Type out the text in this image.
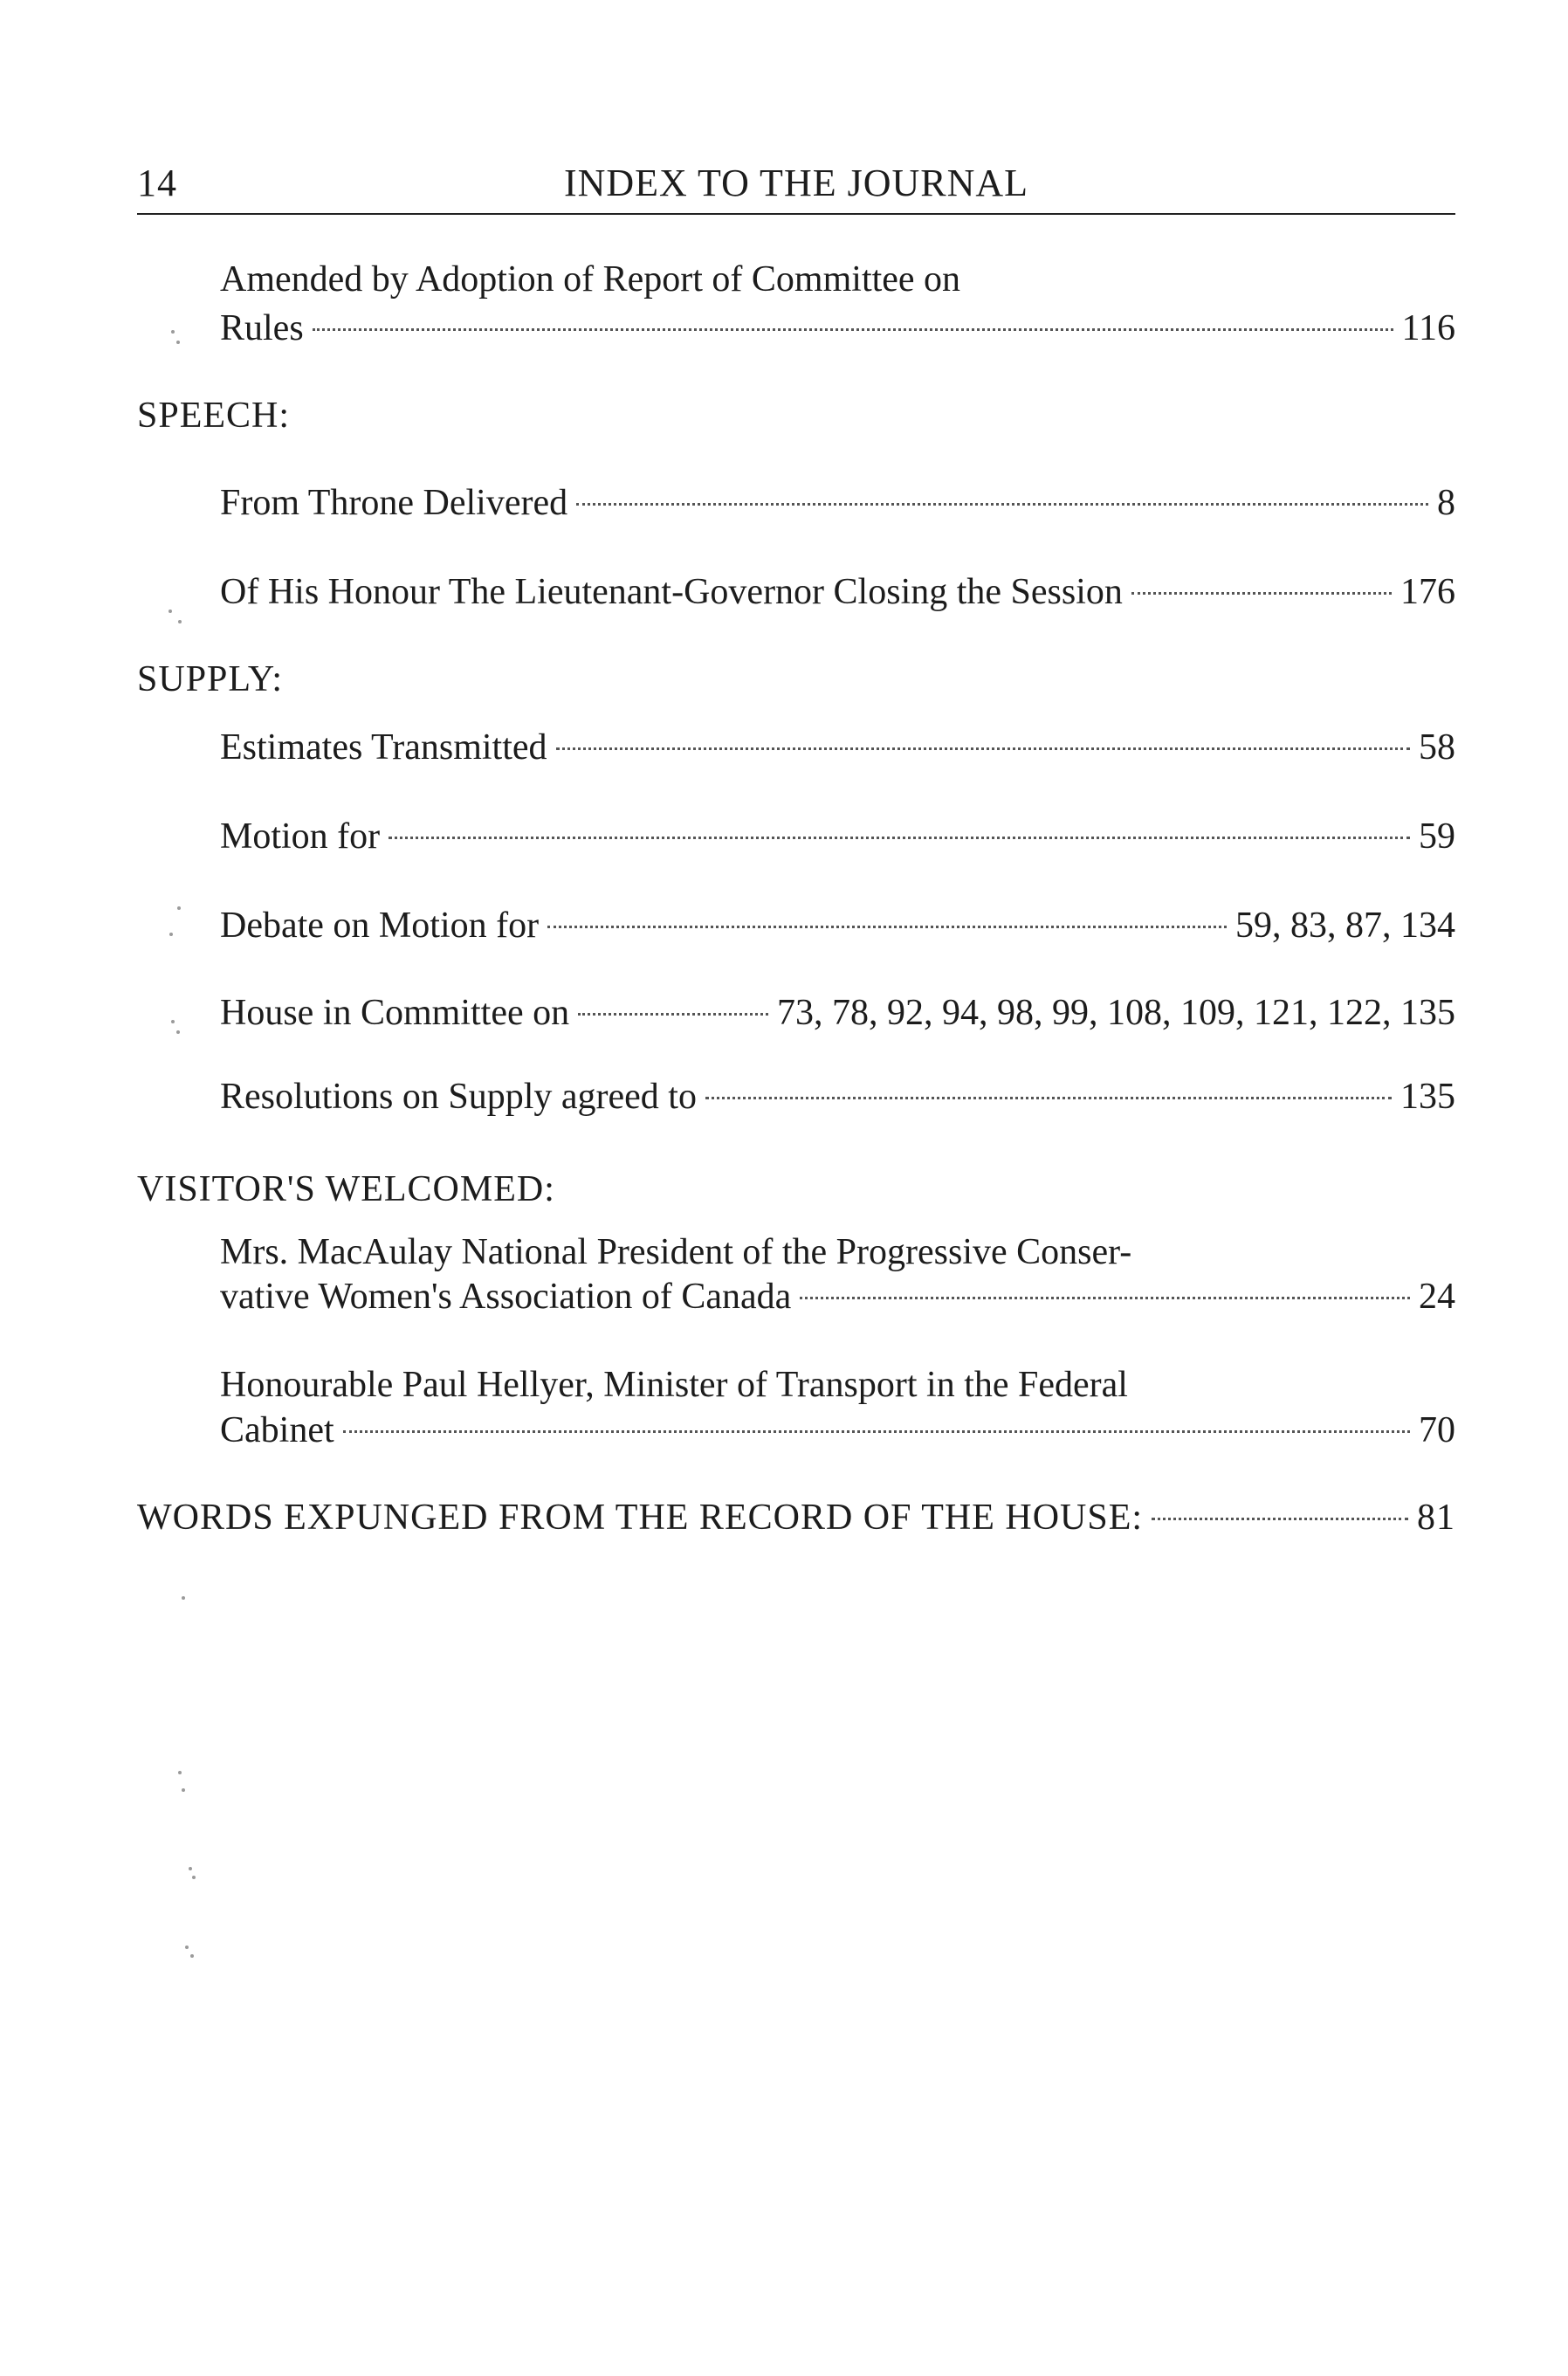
14	INDEX TO THE JOURNAL
Amended by Adoption of Report of Committee on
Rules	116
SPEECH:
From Throne Delivered	8
Of His Honour The Lieutenant-Governor Closing the Session	176
SUPPLY:
Estimates Transmitted	58
Motion for	59
Debate on Motion for	59, 83, 87, 134
House in Committee on	73, 78, 92, 94, 98, 99, 108, 109, 121, 122, 135
Resolutions on Supply agreed to	135
VISITOR'S WELCOMED:
Mrs. MacAulay National President of the Progressive Conser-
vative Women's Association of Canada	24
Honourable Paul Hellyer, Minister of Transport in the Federal
Cabinet	70
WORDS EXPUNGED FROM THE RECORD OF THE HOUSE:	81
